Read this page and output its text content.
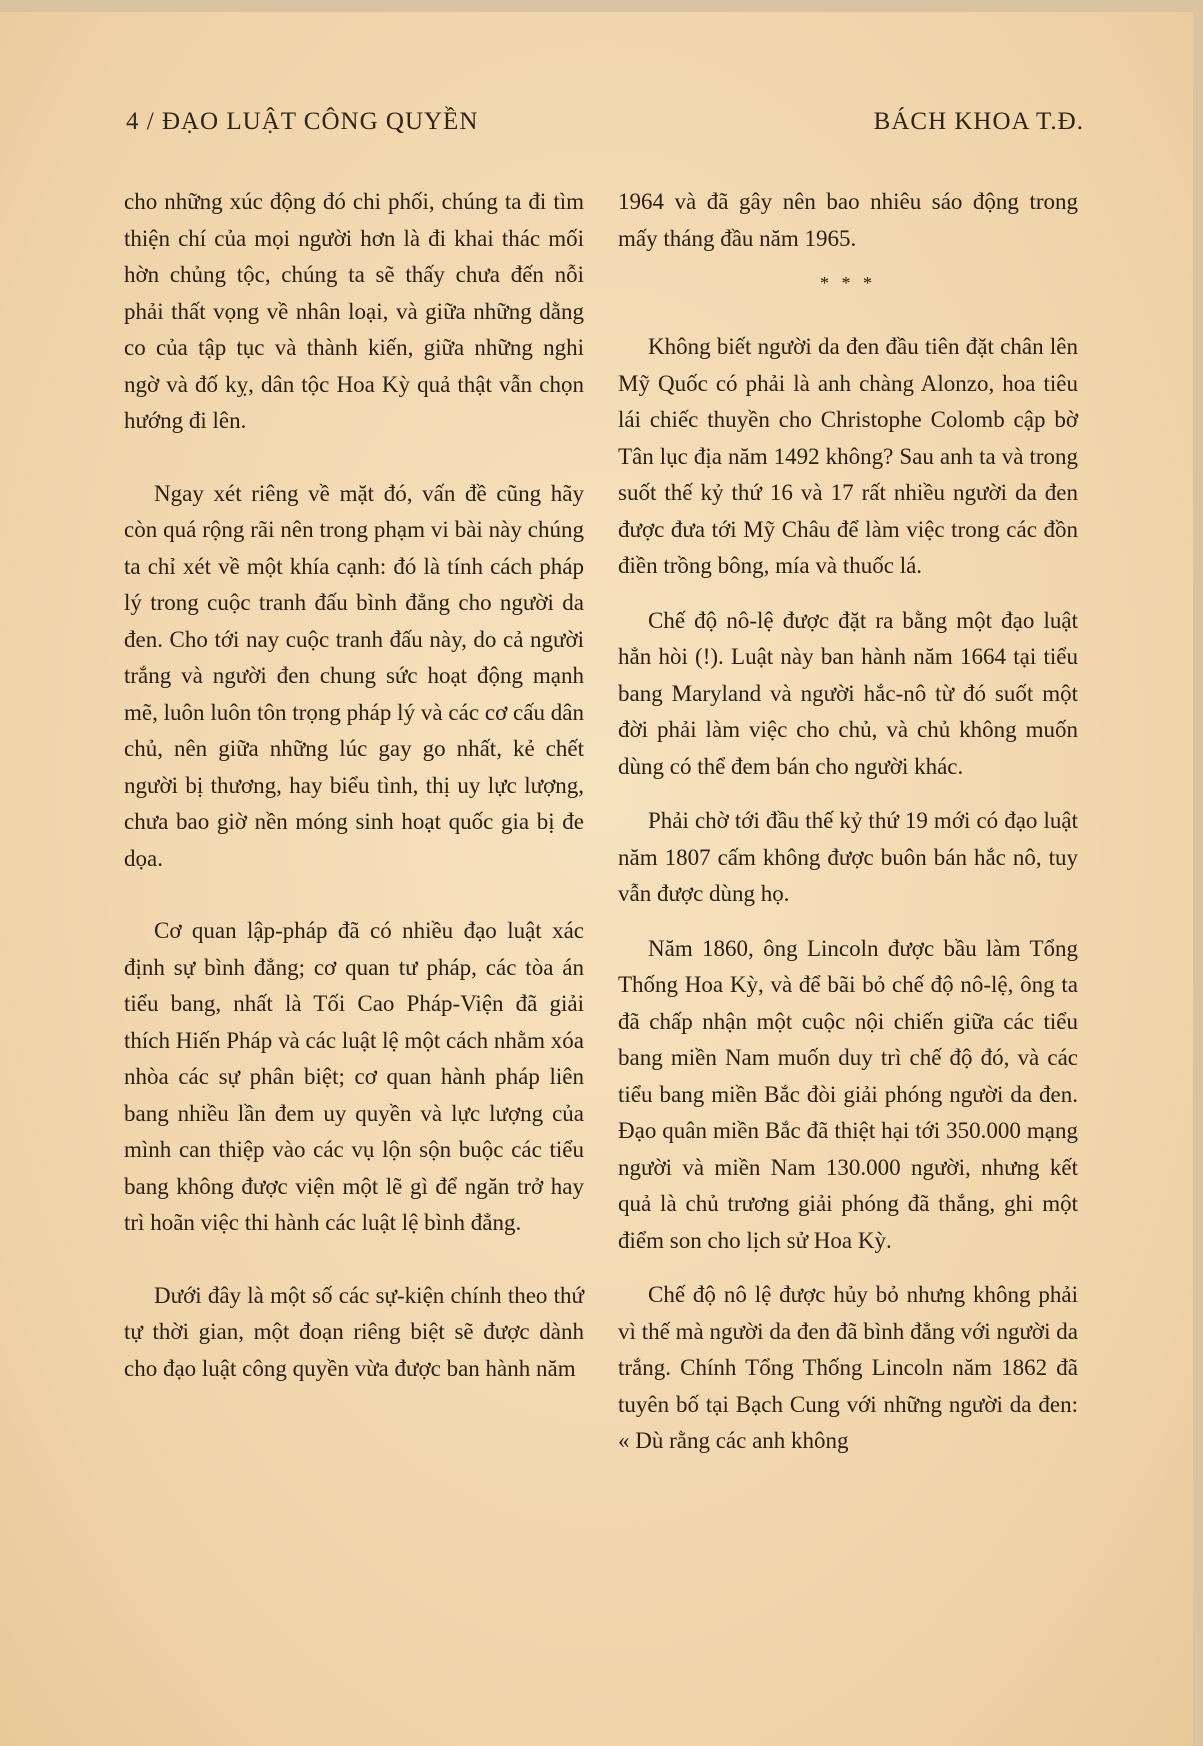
4 / ĐẠO LUẬT CÔNG QUYỀN	BÁCH KHOA T.Đ.

cho những xúc động đó chi phối, chúng ta đi tìm thiện chí của mọi người hơn là đi khai thác mối hờn chủng tộc, chúng ta sẽ thấy chưa đến nỗi phải thất vọng về nhân loại, và giữa những dằng co của tập tục và thành kiến, giữa những nghi ngờ và đố kỵ, dân tộc Hoa Kỳ quả thật vẫn chọn hướng đi lên.

Ngay xét riêng về mặt đó, vấn đề cũng hãy còn quá rộng rãi nên trong phạm vi bài này chúng ta chỉ xét về một khía cạnh: đó là tính cách pháp lý trong cuộc tranh đấu bình đẳng cho người da đen. Cho tới nay cuộc tranh đấu này, do cả người trắng và người đen chung sức hoạt động mạnh mẽ, luôn luôn tôn trọng pháp lý và các cơ cấu dân chủ, nên giữa những lúc gay go nhất, kẻ chết người bị thương, hay biểu tình, thị uy lực lượng, chưa bao giờ nền móng sinh hoạt quốc gia bị đe dọa.

Cơ quan lập-pháp đã có nhiều đạo luật xác định sự bình đẳng; cơ quan tư pháp, các tòa án tiểu bang, nhất là Tối Cao Pháp-Viện đã giải thích Hiến Pháp và các luật lệ một cách nhằm xóa nhòa các sự phân biệt; cơ quan hành pháp liên bang nhiều lần đem uy quyền và lực lượng của mình can thiệp vào các vụ lộn sộn buộc các tiểu bang không được viện một lẽ gì để ngăn trở hay trì hoãn việc thi hành các luật lệ bình đẳng.

Dưới đây là một số các sự-kiện chính theo thứ tự thời gian, một đoạn riêng biệt sẽ được dành cho đạo luật công quyền vừa được ban hành năm

1964 và đã gây nên bao nhiêu sáo động trong mấy tháng đầu năm 1965.

* * *

Không biết người da đen đầu tiên đặt chân lên Mỹ Quốc có phải là anh chàng Alonzo, hoa tiêu lái chiếc thuyền cho Christophe Colomb cập bờ Tân lục địa năm 1492 không? Sau anh ta và trong suốt thế kỷ thứ 16 và 17 rất nhiều người da đen được đưa tới Mỹ Châu để làm việc trong các đồn điền trồng bông, mía và thuốc lá.

Chế độ nô-lệ được đặt ra bằng một đạo luật hẳn hòi (!). Luật này ban hành năm 1664 tại tiểu bang Maryland và người hắc-nô từ đó suốt một đời phải làm việc cho chủ, và chủ không muốn dùng có thể đem bán cho người khác.

Phải chờ tới đầu thế kỷ thứ 19 mới có đạo luật năm 1807 cấm không được buôn bán hắc nô, tuy vẫn được dùng họ.

Năm 1860, ông Lincoln được bầu làm Tổng Thống Hoa Kỳ, và để bãi bỏ chế độ nô-lệ, ông ta đã chấp nhận một cuộc nội chiến giữa các tiểu bang miền Nam muốn duy trì chế độ đó, và các tiểu bang miền Bắc đòi giải phóng người da đen. Đạo quân miền Bắc đã thiệt hại tới 350.000 mạng người và miền Nam 130.000 người, nhưng kết quả là chủ trương giải phóng đã thắng, ghi một điểm son cho lịch sử Hoa Kỳ.

Chế độ nô lệ được hủy bỏ nhưng không phải vì thế mà người da đen đã bình đẳng với người da trắng. Chính Tổng Thống Lincoln năm 1862 đã tuyên bố tại Bạch Cung với những người da đen: « Dù rằng các anh không
